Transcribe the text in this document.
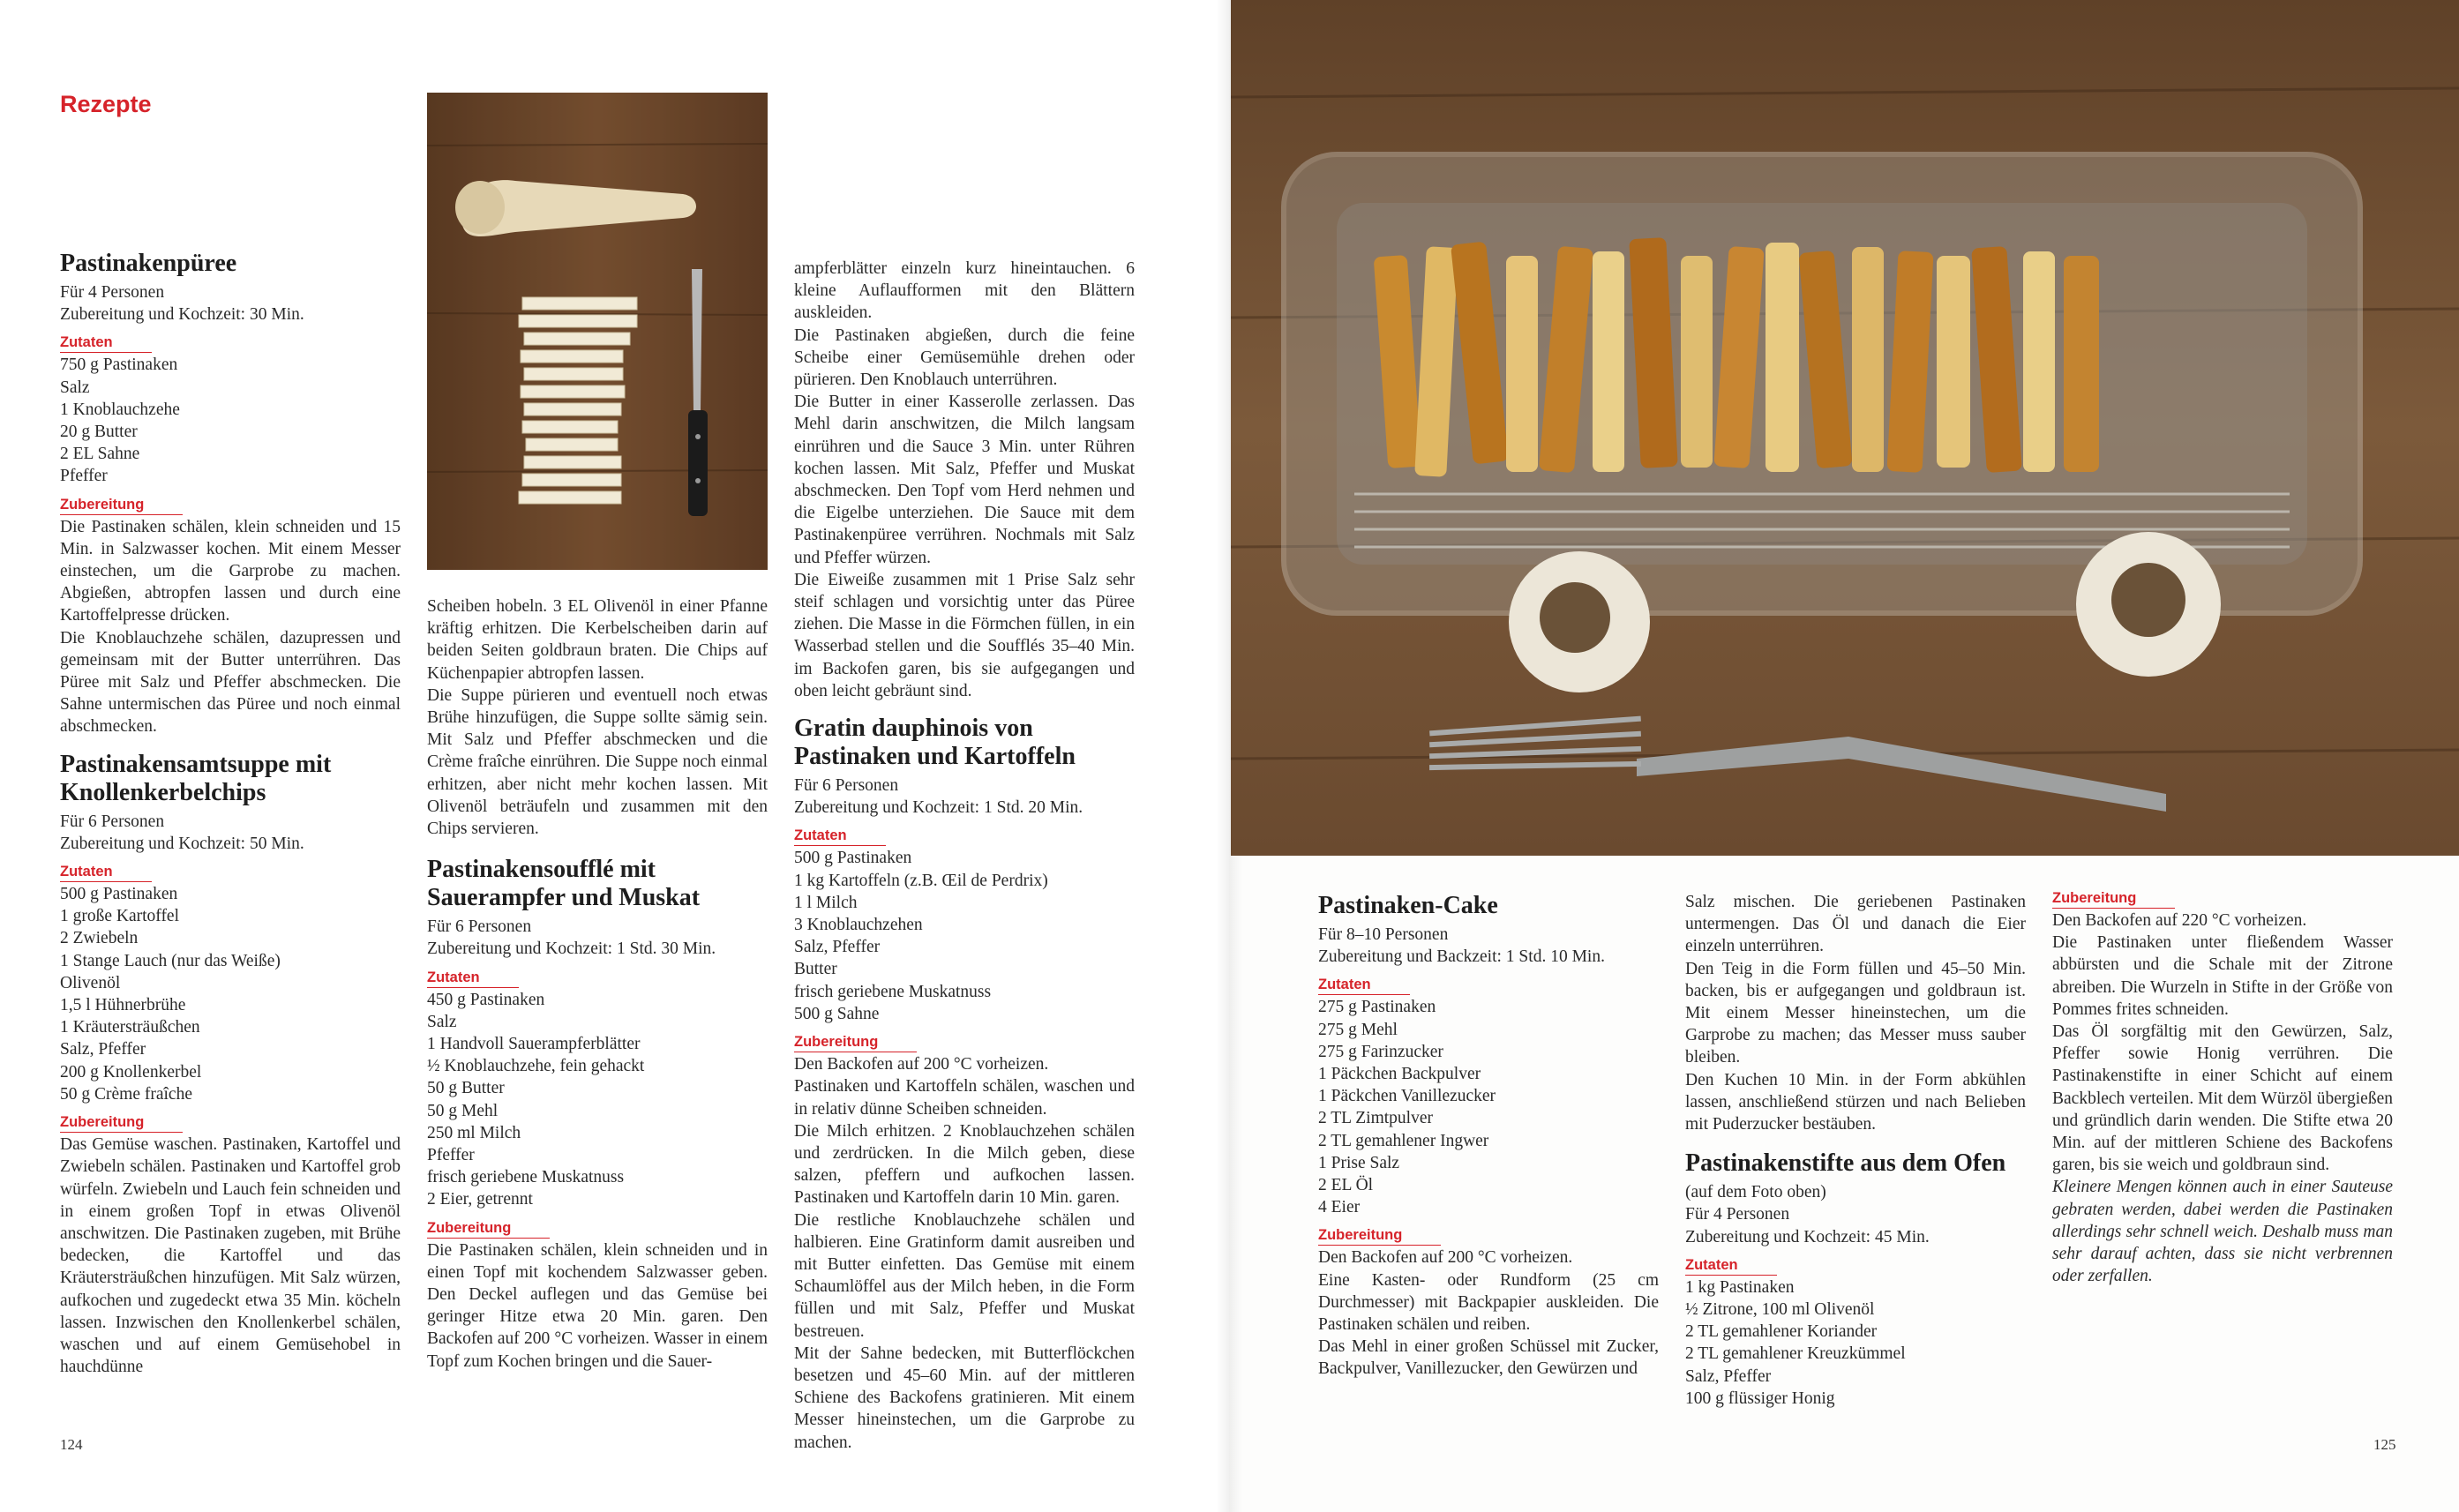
Rezepte
Pastinakenpüree

Für 4 Personen

Zubereitung und Kochzeit: 30 Min.

Zutaten

750 g Pastinaken

Salz

1 Knoblauchzehe

20 g Butter

2 EL Sahne

Pfeffer

Zubereitung

Die Pastinaken schälen, klein schneiden und 15 Min. in Salzwasser kochen. Mit einem Messer einstechen, um die Garprobe zu machen. Abgießen, abtropfen lassen und durch eine Kartoffelpresse drücken.

Die Knoblauchzehe schälen, dazupressen und gemeinsam mit der Butter unterrühren. Das Püree mit Salz und Pfeffer abschmecken. Die Sahne untermischen das Püree und noch einmal abschmecken.

Pastinakensamtsuppe mit Knollenkerbelchips

Für 6 Personen

Zubereitung und Kochzeit: 50 Min.

Zutaten

500 g Pastinaken

1 große Kartoffel

2 Zwiebeln

1 Stange Lauch (nur das Weiße)

Olivenöl

1,5 l Hühnerbrühe

1 Kräutersträußchen

Salz, Pfeffer

200 g Knollenkerbel

50 g Crème fraîche

Zubereitung

Das Gemüse waschen. Pastinaken, Kartoffel und Zwiebeln schälen. Pastinaken und Kartoffel grob würfeln. Zwiebeln und Lauch fein schneiden und in einem großen Topf in etwas Olivenöl anschwitzen. Die Pastinaken zugeben, mit Brühe bedecken, die Kartoffel und das Kräutersträußchen hinzufügen. Mit Salz würzen, aufkochen und zugedeckt etwa 35 Min. köcheln lassen. Inzwischen den Knollenkerbel schälen, waschen und auf einem Gemüsehobel in hauchdünne

Scheiben hobeln. 3 EL Olivenöl in einer Pfanne kräftig erhitzen. Die Kerbelscheiben darin auf beiden Seiten goldbraun braten. Die Chips auf Küchenpapier abtropfen lassen.

Die Suppe pürieren und eventuell noch etwas Brühe hinzufügen, die Suppe sollte sämig sein. Mit Salz und Pfeffer abschmecken und die Crème fraîche einrühren. Die Suppe noch einmal erhitzen, aber nicht mehr kochen lassen. Mit Olivenöl beträufeln und zusammen mit den Chips servieren.

Pastinakensoufflé mit Sauerampfer und Muskat

Für 6 Personen

Zubereitung und Kochzeit: 1 Std. 30 Min.

Zutaten

450 g Pastinaken

Salz

1 Handvoll Sauerampferblätter

½ Knoblauchzehe, fein gehackt

50 g Butter

50 g Mehl

250 ml Milch

Pfeffer

frisch geriebene Muskatnuss

2 Eier, getrennt

Zubereitung

Die Pastinaken schälen, klein schneiden und in einen Topf mit kochendem Salzwasser geben. Den Deckel auflegen und das Gemüse bei geringer Hitze etwa 20 Min. garen. Den Backofen auf 200 °C vorheizen. Wasser in einem Topf zum Kochen bringen und die Sauer-

ampferblätter einzeln kurz hineintauchen. 6 kleine Auflaufformen mit den Blättern auskleiden.

Die Pastinaken abgießen, durch die feine Scheibe einer Gemüsemühle drehen oder pürieren. Den Knoblauch unterrühren.

Die Butter in einer Kasserolle zerlassen. Das Mehl darin anschwitzen, die Milch langsam einrühren und die Sauce 3 Min. unter Rühren kochen lassen. Mit Salz, Pfeffer und Muskat abschmecken. Den Topf vom Herd nehmen und die Eigelbe unterziehen. Die Sauce mit dem Pastinakenpüree verrühren. Nochmals mit Salz und Pfeffer würzen.

Die Eiweiße zusammen mit 1 Prise Salz sehr steif schlagen und vorsichtig unter das Püree ziehen. Die Masse in die Förmchen füllen, in ein Wasserbad stellen und die Soufflés 35–40 Min. im Backofen garen, bis sie aufgegangen und oben leicht gebräunt sind.

Gratin dauphinois von Pastinaken und Kartoffeln

Für 6 Personen

Zubereitung und Kochzeit: 1 Std. 20 Min.

Zutaten

500 g Pastinaken

1 kg Kartoffeln (z.B. Œil de Perdrix)

1 l Milch

3 Knoblauchzehen

Salz, Pfeffer

Butter

frisch geriebene Muskatnuss

500 g Sahne

Zubereitung

Den Backofen auf 200 °C vorheizen.

Pastinaken und Kartoffeln schälen, waschen und in relativ dünne Scheiben schneiden.

Die Milch erhitzen. 2 Knoblauchzehen schälen und zerdrücken. In die Milch geben, diese salzen, pfeffern und aufkochen lassen. Pastinaken und Kartoffeln darin 10 Min. garen.

Die restliche Knoblauchzehe schälen und halbieren. Eine Gratinform damit ausreiben und mit Butter einfetten. Das Gemüse mit einem Schaumlöffel aus der Milch heben, in die Form füllen und mit Salz, Pfeffer und Muskat bestreuen.

Mit der Sahne bedecken, mit Butterflöckchen besetzen und 45–60 Min. auf der mittleren Schiene des Backofens gratinieren. Mit einem Messer hineinstechen, um die Garprobe zu machen.

Pastinaken-Cake

Für 8–10 Personen

Zubereitung und Backzeit: 1 Std. 10 Min.

Zutaten

275 g Pastinaken

275 g Mehl

275 g Farinzucker

1 Päckchen Backpulver

1 Päckchen Vanillezucker

2 TL Zimtpulver

2 TL gemahlener Ingwer

1 Prise Salz

2 EL Öl

4 Eier

Zubereitung

Den Backofen auf 200 °C vorheizen.

Eine Kasten- oder Rundform (25 cm Durchmesser) mit Backpapier auskleiden. Die Pastinaken schälen und reiben.

Das Mehl in einer großen Schüssel mit Zucker, Backpulver, Vanillezucker, den Gewürzen und

Salz mischen. Die geriebenen Pastinaken untermengen. Das Öl und danach die Eier einzeln unterrühren.

Den Teig in die Form füllen und 45–50 Min. backen, bis er aufgegangen und goldbraun ist. Mit einem Messer hineinstechen, um die Garprobe zu machen; das Messer muss sauber bleiben.

Den Kuchen 10 Min. in der Form abkühlen lassen, anschließend stürzen und nach Belieben mit Puderzucker bestäuben.

Pastinakenstifte aus dem Ofen

(auf dem Foto oben)

Für 4 Personen

Zubereitung und Kochzeit: 45 Min.

Zutaten

1 kg Pastinaken

½ Zitrone, 100 ml Olivenöl

2 TL gemahlener Koriander

2 TL gemahlener Kreuzkümmel

Salz, Pfeffer

100 g flüssiger Honig

Zubereitung

Den Backofen auf 220 °C vorheizen.

Die Pastinaken unter fließendem Wasser abbürsten und die Schale mit der Zitrone abreiben. Die Wurzeln in Stifte in der Größe von Pommes frites schneiden.

Das Öl sorgfältig mit den Gewürzen, Salz, Pfeffer sowie Honig verrühren. Die Pastinakenstifte in einer Schicht auf einem Backblech verteilen. Mit dem Würzöl übergießen und gründlich darin wenden. Die Stifte etwa 20 Min. auf der mittleren Schiene des Backofens garen, bis sie weich und goldbraun sind.

Kleinere Mengen können auch in einer Sauteuse gebraten werden, dabei werden die Pastinaken allerdings sehr schnell weich. Deshalb muss man sehr darauf achten, dass sie nicht verbrennen oder zerfallen.

124	125
